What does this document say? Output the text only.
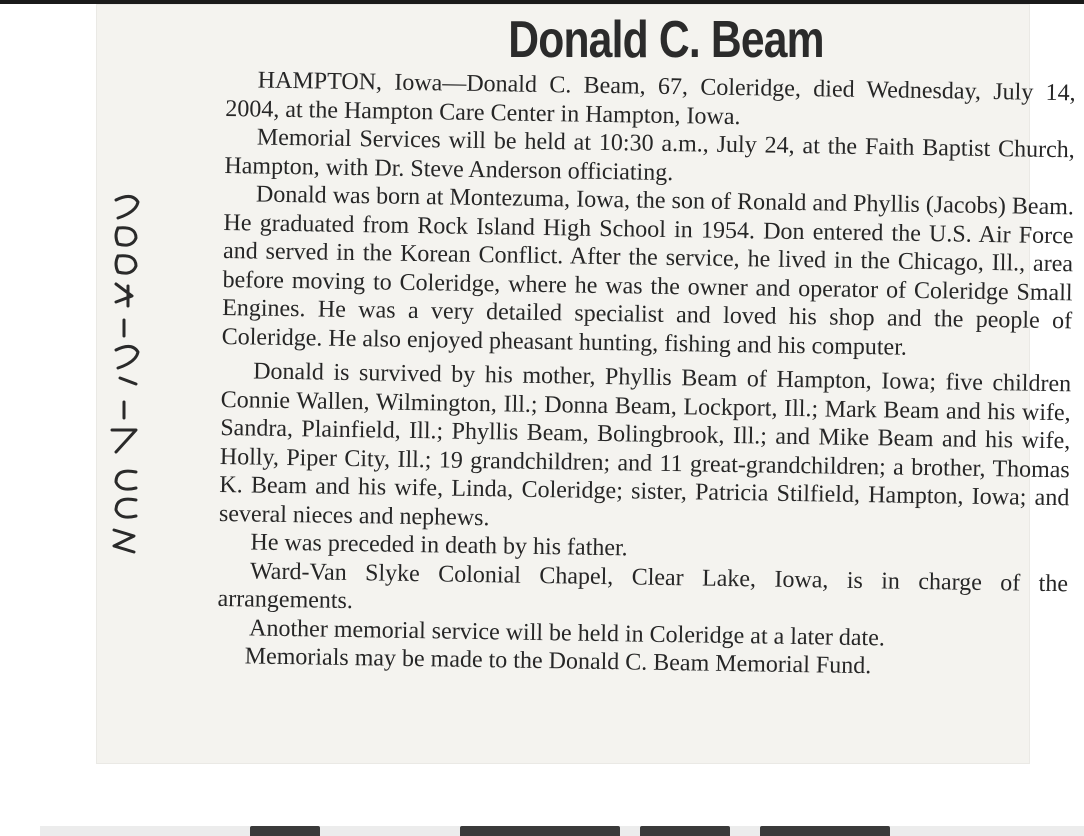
Donald C. Beam

HAMPTON, Iowa—Donald C. Beam, 67, Coleridge, died Wednesday, July 14, 2004, at the Hampton Care Center in Hampton, Iowa.

Memorial Services will be held at 10:30 a.m., July 24, at the Faith Baptist Church, Hampton, with Dr. Steve Anderson officiating.

Donald was born at Montezuma, Iowa, the son of Ronald and Phyllis (Jacobs) Beam. He graduated from Rock Island High School in 1954. Don entered the U.S. Air Force and served in the Korean Conflict. After the service, he lived in the Chicago, Ill., area before moving to Coleridge, where he was the owner and operator of Coleridge Small Engines. He was a very detailed specialist and loved his shop and the people of Coleridge. He also enjoyed pheasant hunting, fishing and his computer.

Donald is survived by his mother, Phyllis Beam of Hampton, Iowa; five children Connie Wallen, Wilmington, Ill.; Donna Beam, Lockport, Ill.; Mark Beam and his wife, Sandra, Plainfield, Ill.; Phyllis Beam, Bolingbrook, Ill.; and Mike Beam and his wife, Holly, Piper City, Ill.; 19 grandchildren; and 11 great-grandchildren; a brother, Thomas K. Beam and his wife, Linda, Coleridge; sister, Patricia Stilfield, Hampton, Iowa; and several nieces and nephews.

He was preceded in death by his father.

Ward-Van Slyke Colonial Chapel, Clear Lake, Iowa, is in charge of the arrangements.

Another memorial service will be held in Coleridge at a later date.

Memorials may be made to the Donald C. Beam Memorial Fund.
